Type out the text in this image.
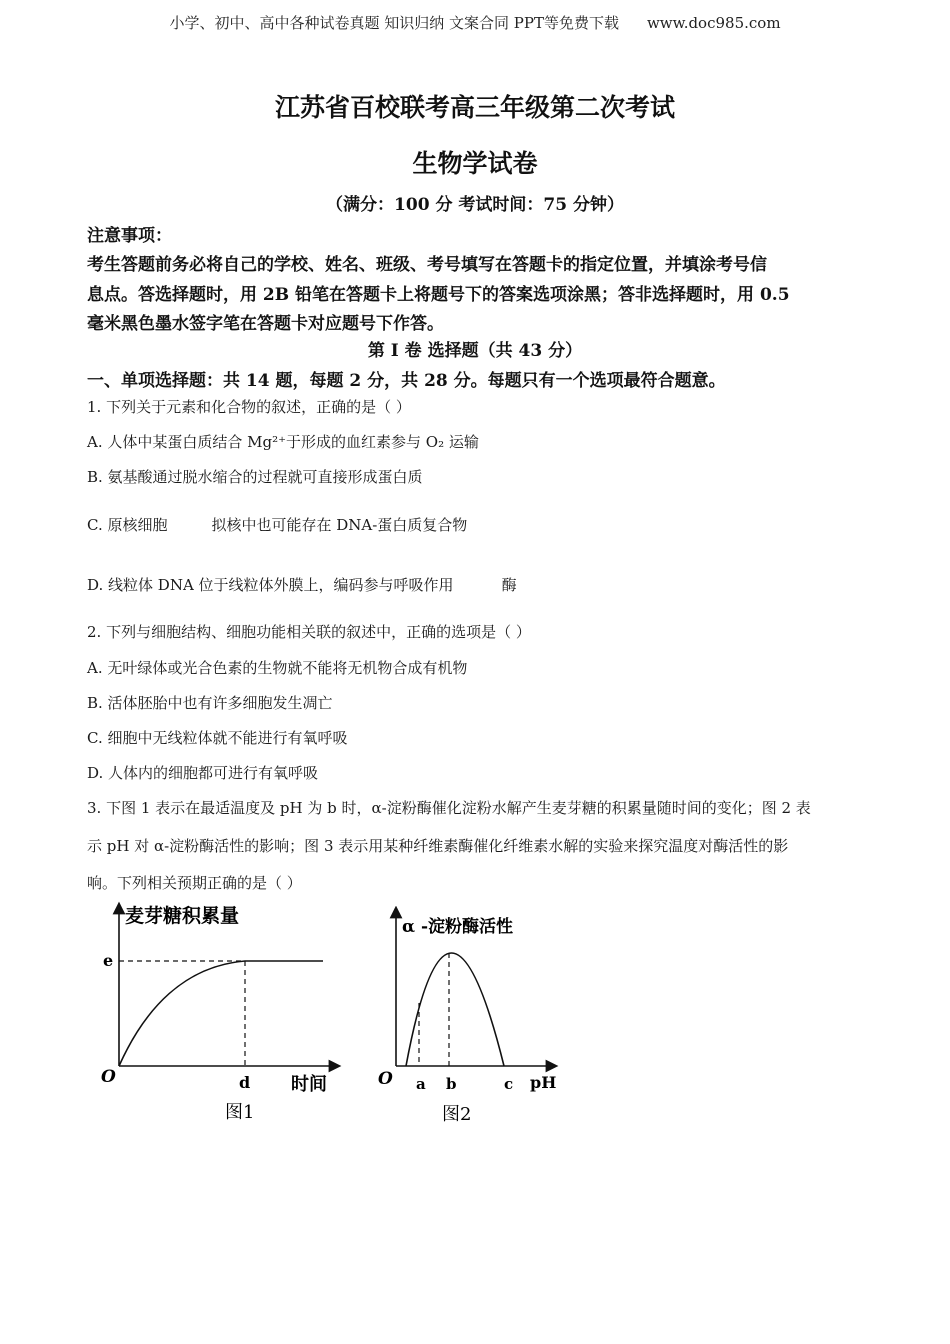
小学、初中、高中各种试卷真题 知识归纳 文案合同 PPT等免费下载 www.doc985.com
江苏省百校联考高三年级第二次考试
生物学试卷
（满分：100 分 考试时间：75 分钟）
注意事项：
考生答题前务必将自己的学校、姓名、班级、考号填写在答题卡的指定位置，并填涂考号信
息点。答选择题时，用 2B 铅笔在答题卡上将题号下的答案选项涂黑；答非选择题时，用 0.5
毫米黑色墨水签字笔在答题卡对应题号下作答。
第 Ⅰ 卷 选择题（共 43 分）
一、单项选择题：共 14 题，每题 2 分，共 28 分。每题只有一个选项最符合题意。
1. 下列关于元素和化合物的叙述，正确的是（ ）
A. 人体中某蛋白质结合 Mg²⁺于形成的血红素参与 O₂ 运输
B. 氨基酸通过脱水缩合的过程就可直接形成蛋白质
C. 原核细胞	拟核中也可能存在 DNA-蛋白质复合物
D. 线粒体 DNA 位于线粒体外膜上，编码参与呼吸作用	酶
2. 下列与细胞结构、细胞功能相关联的叙述中，正确的选项是（ ）
A. 无叶绿体或光合色素的生物就不能将无机物合成有机物
B. 活体胚胎中也有许多细胞发生凋亡
C. 细胞中无线粒体就不能进行有氧呼吸
D. 人体内的细胞都可进行有氧呼吸
3. 下图 1 表示在最适温度及 pH 为 b 时，α-淀粉酶催化淀粉水解产生麦芽糖的积累量随时间的变化；图 2 表
示 pH 对 α-淀粉酶活性的影响；图 3 表示用某种纤维素酶催化纤维素水解的实验来探究温度对酶活性的影
响。下列相关预期正确的是（ ）
麦芽糖积累量
时间
O
e
d
图1
α -淀粉酶活性
pH
O a b	c
图2
